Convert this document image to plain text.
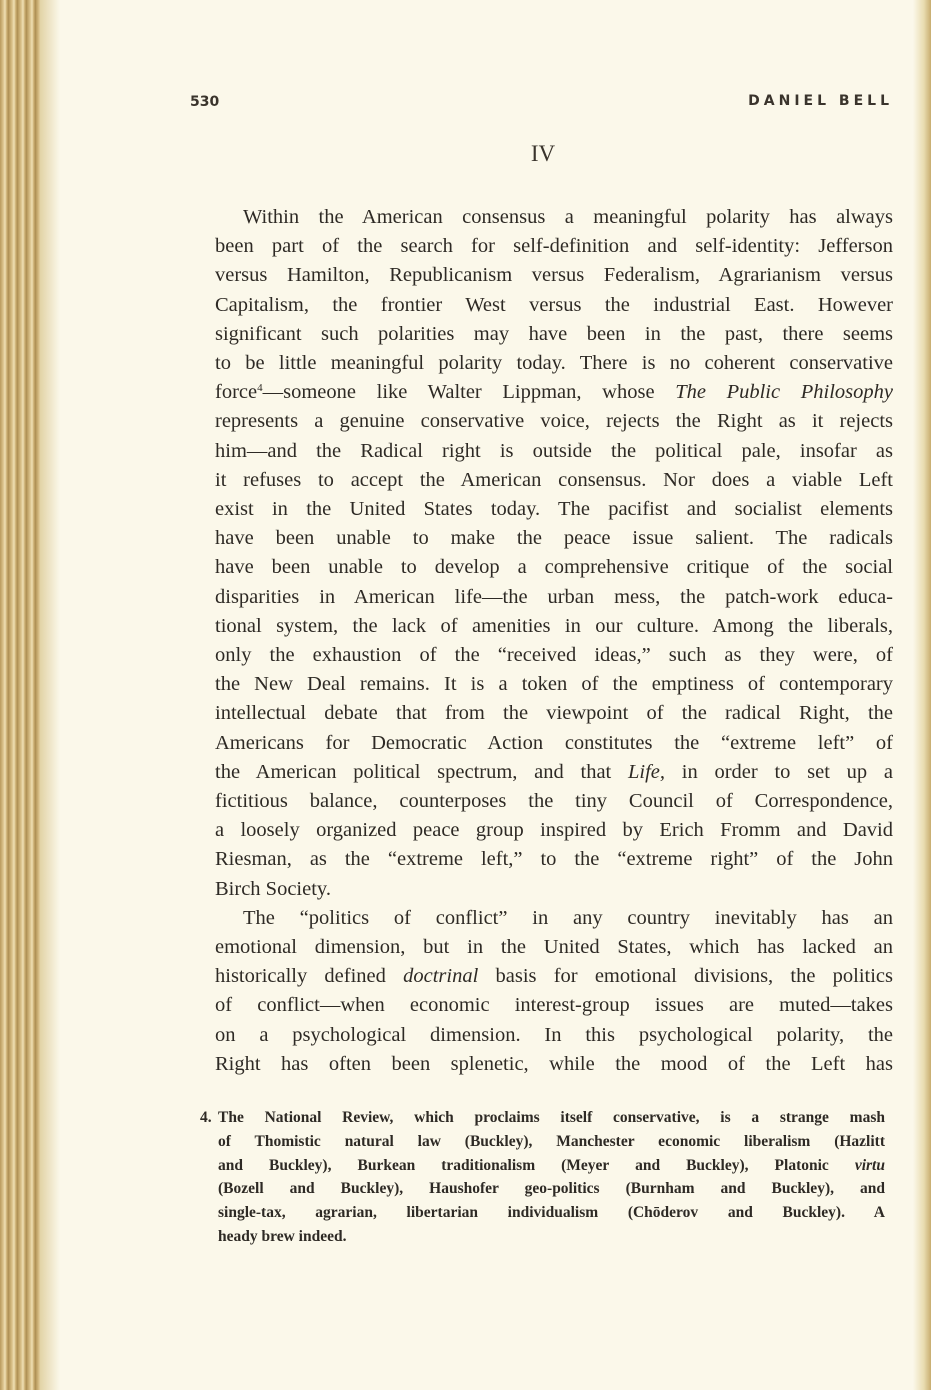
530	DANIEL BELL
IV
Within the American consensus a meaningful polarity has always
been part of the search for self-definition and self-identity: Jefferson
versus Hamilton, Republicanism versus Federalism, Agrarianism versus
Capitalism, the frontier West versus the industrial East. However
significant such polarities may have been in the past, there seems
to be little meaningful polarity today. There is no coherent conservative
force$^4$—someone like Walter Lippman, whose The Public Philosophy
represents a genuine conservative voice, rejects the Right as it rejects
him—and the Radical right is outside the political pale, insofar as
it refuses to accept the American consensus. Nor does a viable Left
exist in the United States today. The pacifist and socialist elements
have been unable to make the peace issue salient. The radicals
have been unable to develop a comprehensive critique of the social
disparities in American life—the urban mess, the patch-work educa-
tional system, the lack of amenities in our culture. Among the liberals,
only the exhaustion of the “received ideas,” such as they were, of
the New Deal remains. It is a token of the emptiness of contemporary
intellectual debate that from the viewpoint of the radical Right, the
Americans for Democratic Action constitutes the “extreme left” of
the American political spectrum, and that Life, in order to set up a
fictitious balance, counterposes the tiny Council of Correspondence,
a loosely organized peace group inspired by Erich Fromm and David
Riesman, as the “extreme left,” to the “extreme right” of the John
Birch Society.
The “politics of conflict” in any country inevitably has an
emotional dimension, but in the United States, which has lacked an
historically defined doctrinal basis for emotional divisions, the politics
of conflict—when economic interest-group issues are muted—takes
on a psychological dimension. In this psychological polarity, the
Right has often been splenetic, while the mood of the Left has
4. The National Review, which proclaims itself conservative, is a strange mash
of Thomistic natural law (Buckley), Manchester economic liberalism (Hazlitt
and Buckley), Burkean traditionalism (Meyer and Buckley), Platonic virtu
(Bozell and Buckley), Haushofer geo-politics (Burnham and Buckley), and
single-tax, agrarian, libertarian individualism (Chōderov and Buckley). A
heady brew indeed.
